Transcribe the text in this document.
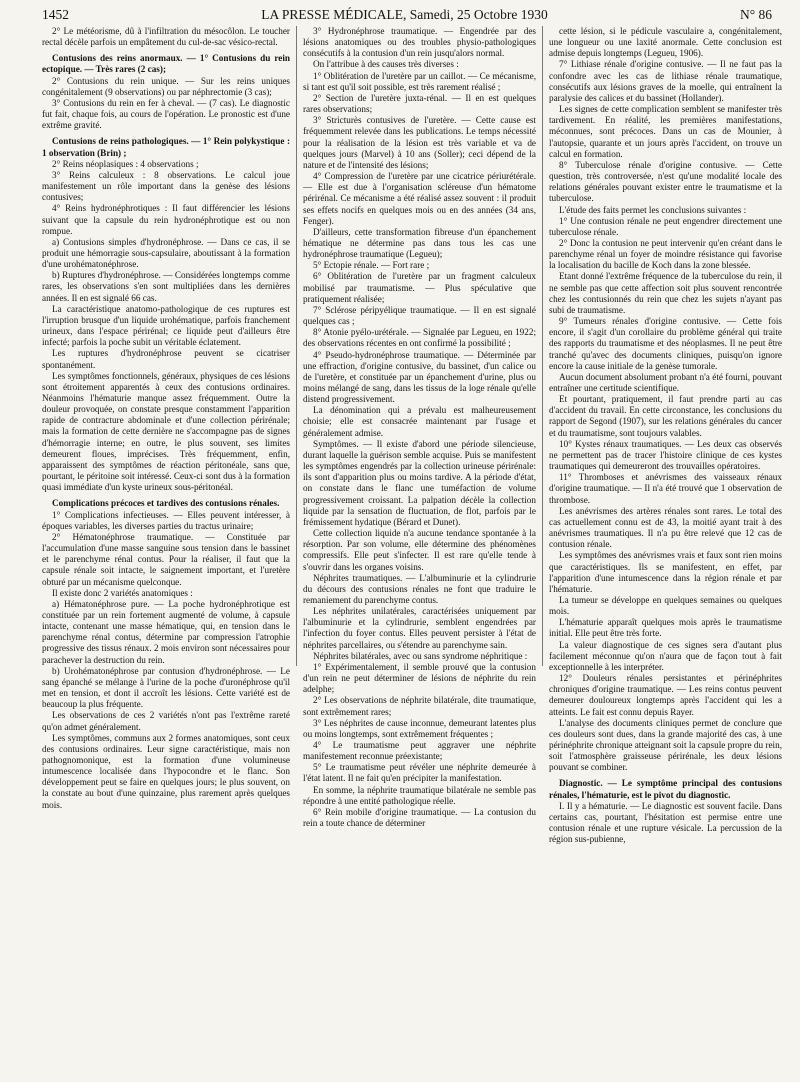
1452	LA PRESSE MÉDICALE, Samedi, 25 Octobre 1930	N° 86

2° Le météorisme, dû à l'infiltration du mésocôlon. Le toucher rectal décèle parfois un empâtement du cul-de-sac vésico-rectal.

Contusions des reins anormaux. — 1° Contusions du rein ectopique. — Très rares (2 cas);

2° Contusions du rein unique. — Sur les reins uniques congénitalement (9 observations) ou par néphrectomie (3 cas);

3° Contusions du rein en fer à cheval. — (7 cas). Le diagnostic fut fait, chaque fois, au cours de l'opération. Le pronostic est d'une extrême gravité.

Contusions de reins pathologiques. — 1° Rein polykystique : 1 observation (Brin) ;

2° Reins néoplasiques : 4 observations ;

3° Reins calculeux : 8 observations. Le calcul joue manifestement un rôle important dans la genèse des lésions contusives;

4° Reins hydronéphrotiques : Il faut différencier les lésions suivant que la capsule du rein hydronéphrotique est ou non rompue.

a) Contusions simples d'hydronéphrose. — Dans ce cas, il se produit une hémorragie sous-capsulaire, aboutissant à la formation d'une urohématonéphrose.

b) Ruptures d'hydronéphrose. — Considérées longtemps comme rares, les observations s'en sont multipliées dans les dernières années. Il en est signalé 66 cas.

La caractéristique anatomo-pathologique de ces ruptures est l'irruption brusque d'un liquide urohématique, parfois franchement urineux, dans l'espace périrénal; ce liquide peut d'ailleurs être infecté; parfois la poche subit un véritable éclatement.

Les ruptures d'hydronéphrose peuvent se cicatriser spontanément.

Les symptômes fonctionnels, généraux, physiques de ces lésions sont étroitement apparentés à ceux des contusions ordinaires. Néanmoins l'hématurie manque assez fréquemment. Outre la douleur provoquée, on constate presque constamment l'apparition rapide de contracture abdominale et d'une collection périrénale; mais la formation de cette dernière ne s'accompagne pas de signes d'hémorragie interne; en outre, le plus souvent, ses limites demeurent floues, imprécises. Très fréquemment, enfin, apparaissent des symptômes de réaction péritonéale, sans que, pourtant, le péritoine soit intéressé. Ceux-ci sont dus à la formation quasi immédiate d'un kyste urineux sous-péritonéal.

Complications précoces et tardives des contusions rénales.

1° Complications infectieuses. — Elles peuvent intéresser, à époques variables, les diverses parties du tractus urinaire;

2° Hématonéphrose traumatique. — Constituée par l'accumulation d'une masse sanguine sous tension dans le bassinet et le parenchyme rénal contus. Pour la réaliser, il faut que la capsule rénale soit intacte, le saignement important, et l'uretère obturé par un mécanisme quelconque.

Il existe donc 2 variétés anatomiques :

a) Hématonéphrose pure. — La poche hydronéphrotique est constituée par un rein fortement augmenté de volume, à capsule intacte, contenant une masse hématique, qui, en tension dans le parenchyme rénal contus, détermine par compression l'atrophie progressive des tissus rénaux. 2 mois environ sont nécessaires pour parachever la destruction du rein.

b) Urohématonéphrose par contusion d'hydronéphrose. — Le sang épanché se mélange à l'urine de la poche d'uronéphrose qu'il met en tension, et dont il accroît les lésions. Cette variété est de beaucoup la plus fréquente.

Les observations de ces 2 variétés n'ont pas l'extrême rareté qu'on admet généralement.

Les symptômes, communs aux 2 formes anatomiques, sont ceux des contusions ordinaires. Leur signe caractéristique, mais non pathognomonique, est la formation d'une volumineuse intumescence localisée dans l'hypocondre et le flanc. Son développement peut se faire en quelques jours; le plus souvent, on la constate au bout d'une quinzaine, plus rarement après quelques mois.

3° Hydronéphrose traumatique. — Engendrée par des lésions anatomiques ou des troubles physio-pathologiques consécutifs à la contusion d'un rein jusqu'alors normal.

On l'attribue à des causes très diverses :

1° Oblitération de l'uretère par un caillot. — Ce mécanisme, si tant est qu'il soit possible, est très rarement réalisé ;

2° Section de l'uretère juxta-rénal. — Il en est quelques rares observations;

3° Stricturès contusives de l'uretère. — Cette cause est fréquemment relevée dans les publications. Le temps nécessité pour la réalisation de la lésion est très variable et va de quelques jours (Marvel) à 10 ans (Soller); ceci dépend de la nature et de l'intensité des lésions;

4° Compression de l'uretère par une cicatrice périurétérale. — Elle est due à l'organisation scléreuse d'un hématome périrénal. Ce mécanisme a été réalisé assez souvent : il produit ses effets nocifs en quelques mois ou en des années (34 ans, Fenger).

D'ailleurs, cette transformation fibreuse d'un épanchement hématique ne détermine pas dans tous les cas une hydronéphrose traumatique (Legueu);

5° Ectopie rénale. — Fort rare ;

6° Oblitération de l'uretère par un fragment calculeux mobilisé par traumatisme. — Plus spéculative que pratiquement réalisée;

7° Sclérose péripyélique traumatique. — Il en est signalé quelques cas ;

8° Atonie pyélo-urétérale. — Signalée par Legueu, en 1922; des observations récentes en ont confirmé la possibilité ;

4° Pseudo-hydronéphrose traumatique. — Déterminée par une effraction, d'origine contusive, du bassinet, d'un calice ou de l'uretère, et constituée par un épanchement d'urine, plus ou moins mélangé de sang, dans les tissus de la loge rénale qu'elle distend progressivement.

La dénomination qui a prévalu est malheureusement choisie; elle est consacrée maintenant par l'usage et généralement admise.

Symptômes. — Il existe d'abord une période silencieuse, durant laquelle la guérison semble acquise. Puis se manifestent les symptômes engendrés par la collection urineuse périrénale: ils sont d'apparition plus ou moins tardive. A la période d'état, on constate dans le flanc une tuméfaction de volume progressivement croissant. La palpation décèle la collection liquide par la sensation de fluctuation, de flot, parfois par le frémissement hydatique (Bérard et Dunet).

Cette collection liquide n'a aucune tendance spontanée à la résorption. Par son volume, elle détermine des phénomènes compressifs. Elle peut s'infecter. Il est rare qu'elle tende à s'ouvrir dans les organes voisins.

Néphrites traumatiques. — L'albuminurie et la cylindrurie du décours des contusions rénales ne font que traduire le remaniement du parenchyme contus.

Les néphrites unilatérales, caractérisées uniquement par l'albuminurie et la cylindrurie, semblent engendrées par l'infection du foyer contus. Elles peuvent persister à l'état de néphrites parcellaires, ou s'étendre au parenchyme sain.

Néphrites bilatérales, avec ou sans syndrome néphritique :

1° Expérimentalement, il semble prouvé que la contusion d'un rein ne peut déterminer de lésions de néphrite du rein adelphe;

2° Les observations de néphrite bilatérale, dite traumatique, sont extrêmement rares;

3° Les néphrites de cause inconnue, demeurant latentes plus ou moins longtemps, sont extrêmement fréquentes ;

4° Le traumatisme peut aggraver une néphrite manifestement reconnue préexistante;

5° Le traumatisme peut révéler une néphrite demeurée à l'état latent. Il ne fait qu'en précipiter la manifestation.

En somme, la néphrite traumatique bilatérale ne semble pas répondre à une entité pathologique réelle.

6° Rein mobile d'origine traumatique. — La contusion du rein a toute chance de déterminer

cette lésion, si le pédicule vasculaire a, congénitalement, une longueur ou une laxité anormale. Cette conclusion est admise depuis longtemps (Legueu, 1906).

7° Lithiase rénale d'origine contusive. — Il ne faut pas la confondre avec les cas de lithiase rénale traumatique, consécutifs aux lésions graves de la moelle, qui entraînent la paralysie des calices et du bassinet (Hollander).

Les signes de cette complication semblent se manifester très tardivement. En réalité, les premières manifestations, méconnues, sont précoces. Dans un cas de Mounier, à l'autopsie, quarante et un jours après l'accident, on trouve un calcul en formation.

8° Tuberculose rénale d'origine contusive. — Cette question, très controversée, n'est qu'une modalité locale des relations générales pouvant exister entre le traumatisme et la tuberculose.

L'étude des faits permet les conclusions suivantes :

1° Une contusion rénale ne peut engendrer directement une tuberculose rénale.

2° Donc la contusion ne peut intervenir qu'en créant dans le parenchyme rénal un foyer de moindre résistance qui favorise la localisation du bacille de Koch dans la zone blessée.

Etant donné l'extrême fréquence de la tuberculose du rein, il ne semble pas que cette affection soit plus souvent rencontrée chez les contusionnés du rein que chez les sujets n'ayant pas subi de traumatisme.

9° Tumeurs rénales d'origine contusive. — Cette fois encore, il s'agit d'un corollaire du problème général qui traite des rapports du traumatisme et des néoplasmes. Il ne peut être tranché qu'avec des documents cliniques, puisqu'on ignore encore la cause initiale de la genèse tumorale.

Aucun document absolument probant n'a été fourni, pouvant entraîner une certitude scientifique.

Et pourtant, pratiquement, il faut prendre parti au cas d'accident du travail. En cette circonstance, les conclusions du rapport de Segond (1907), sur les relations générales du cancer et du traumatisme, sont toujours valables.

10° Kystes rénaux traumatiques. — Les deux cas observés ne permettent pas de tracer l'histoire clinique de ces kystes traumatiques qui demeureront des trouvailles opératoires.

11° Thromboses et anévrismes des vaisseaux rénaux d'origine traumatique. — Il n'a été trouvé que 1 observation de thrombose.

Les anévrismes des artères rénales sont rares. Le total des cas actuellement connu est de 43, la moitié ayant trait à des anévrismes traumatiques. Il n'a pu être relevé que 12 cas de contusion rénale.

Les symptômes des anévrismes vrais et faux sont rien moins que caractéristiques. Ils se manifestent, en effet, par l'apparition d'une intumescence dans la région rénale et par l'hématurie.

La tumeur se développe en quelques semaines ou quelques mois.

L'hématurie apparaît quelques mois après le traumatisme initial. Elle peut être très forte.

La valeur diagnostique de ces signes sera d'autant plus facilement méconnue qu'on n'aura que de façon tout à fait exceptionnelle à les interpréter.

12° Douleurs rénales persistantes et périnéphrites chroniques d'origine traumatique. — Les reins contus peuvent demeurer douloureux longtemps après l'accident qui les a atteints. Le fait est connu depuis Rayer.

L'analyse des documents cliniques permet de conclure que ces douleurs sont dues, dans la grande majorité des cas, à une périnéphrite chronique atteignant soit la capsule propre du rein, soit l'atmosphère graisseuse périrénale, les deux lésions pouvant se combiner.

Diagnostic. — Le symptôme principal des contusions rénales, l'hématurie, est le pivot du diagnostic.

I. Il y a hématurie. — Le diagnostic est souvent facile. Dans certains cas, pourtant, l'hésitation est permise entre une contusion rénale et une rupture vésicale. La percussion de la région sus-pubienne,
